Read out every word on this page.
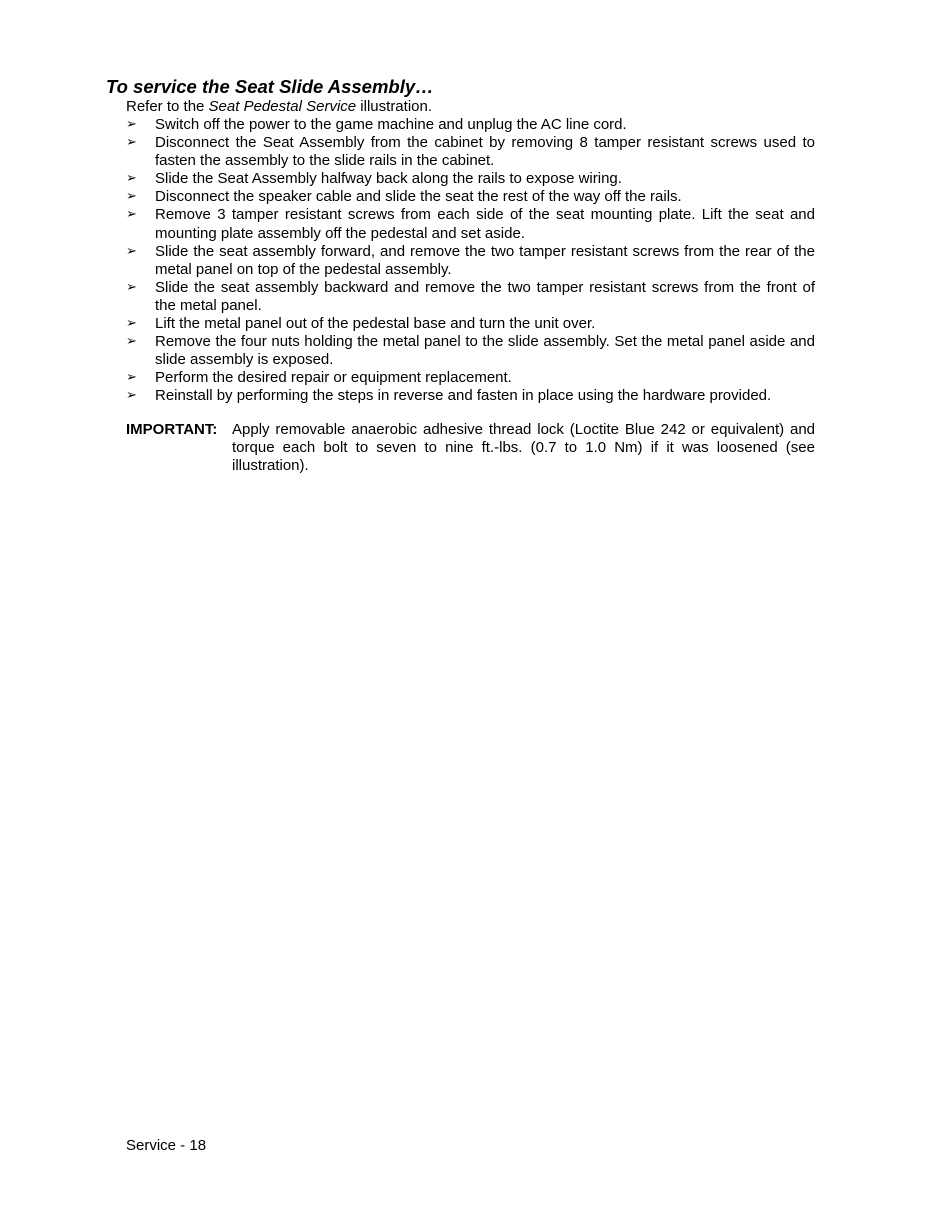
To service the Seat Slide Assembly…

Refer to the Seat Pedestal Service illustration.

➢	Switch off the power to the game machine and unplug the AC line cord.
➢	Disconnect the Seat Assembly from the cabinet by removing 8 tamper resistant screws used to fasten the assembly to the slide rails in the cabinet.
➢	Slide the Seat Assembly halfway back along the rails to expose wiring.
➢	Disconnect the speaker cable and slide the seat the rest of the way off the rails.
➢	Remove 3 tamper resistant screws from each side of the seat mounting plate. Lift the seat and mounting plate assembly off the pedestal and set aside.
➢	Slide the seat assembly forward, and remove the two tamper resistant screws from the rear of the metal panel on top of the pedestal assembly.
➢	Slide the seat assembly backward and remove the two tamper resistant screws from the front of the metal panel.
➢	Lift the metal panel out of the pedestal base and turn the unit over.
➢	Remove the four nuts holding the metal panel to the slide assembly. Set the metal panel aside and slide assembly is exposed.
➢	Perform the desired repair or equipment replacement.
➢	Reinstall by performing the steps in reverse and fasten in place using the hardware provided.
IMPORTANT: Apply removable anaerobic adhesive thread lock (Loctite Blue 242 or equivalent) and torque each bolt to seven to nine ft.-lbs. (0.7 to 1.0 Nm) if it was loosened (see illustration).

Service - 18
